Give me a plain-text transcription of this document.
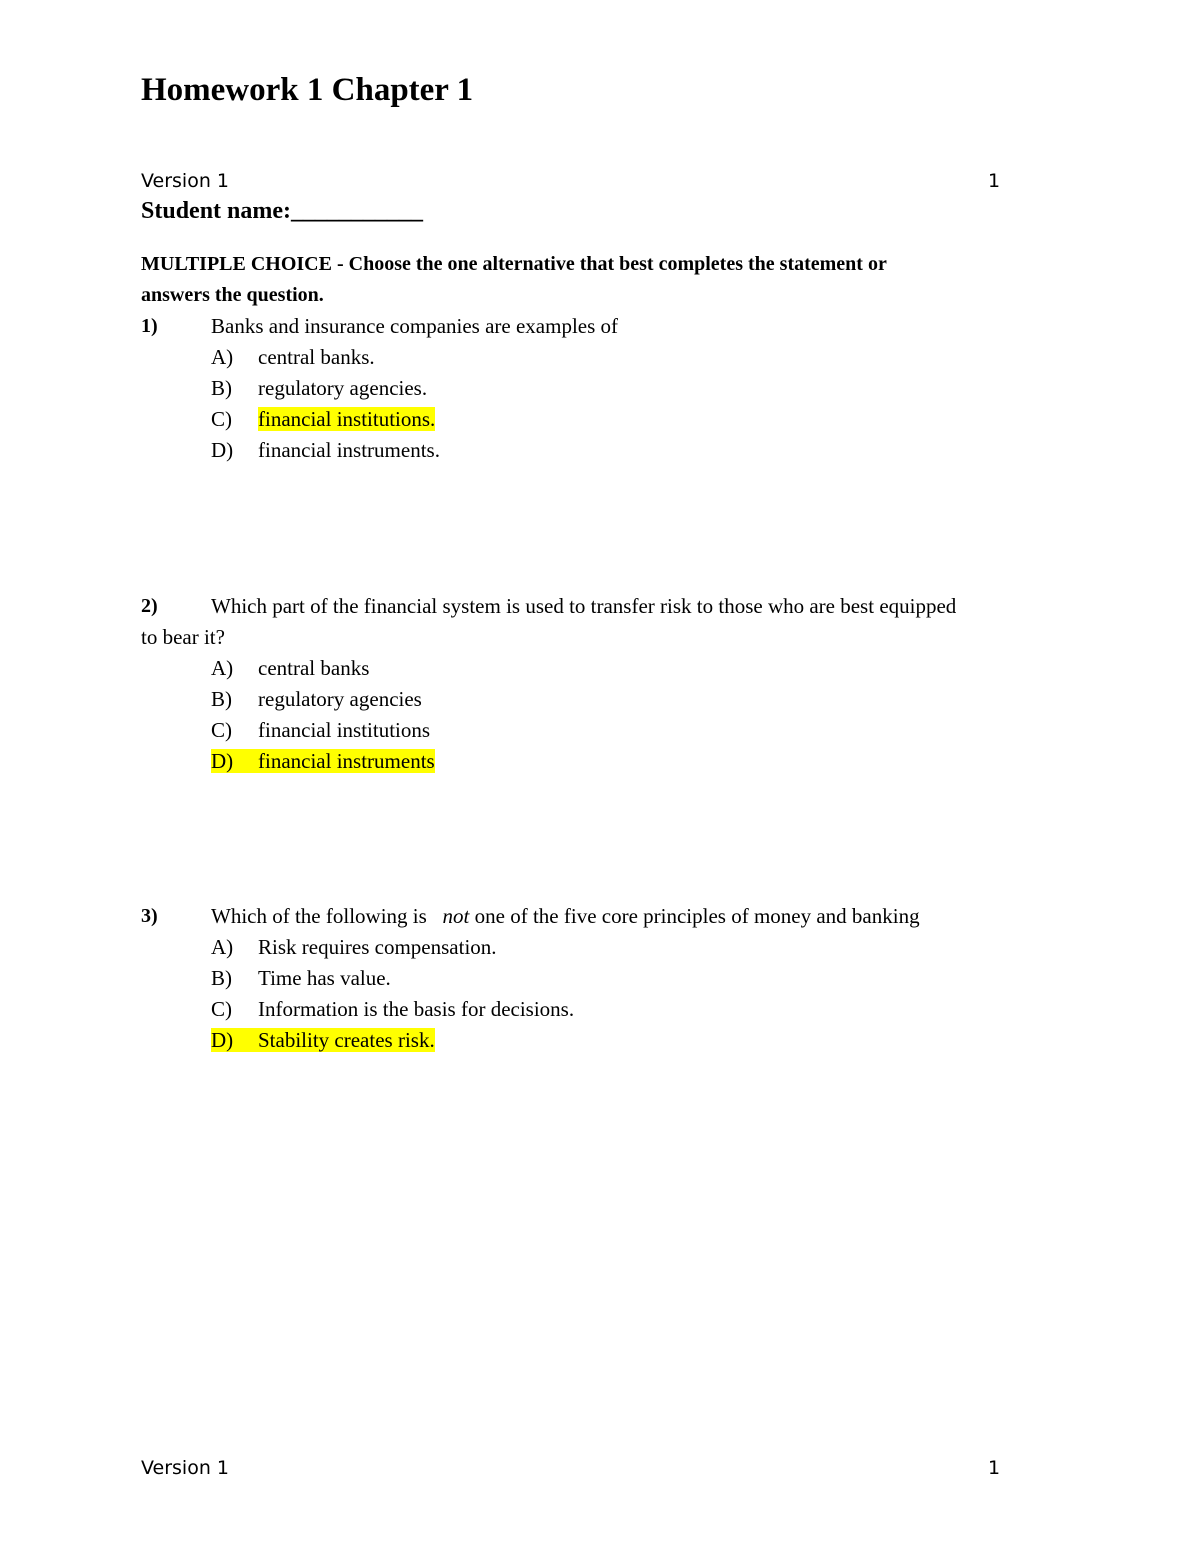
Homework 1 Chapter 1
Version 1	1
Student name:___________
MULTIPLE CHOICE - Choose the one alternative that best completes the statement or
answers the question.
1)	Banks and insurance companies are examples of
A) central banks.
B) regulatory agencies.
C) financial institutions.
D) financial instruments.
2)	Which part of the financial system is used to transfer risk to those who are best equipped
to bear it?
A) central banks
B) regulatory agencies
C) financial institutions
D) financial instruments
3)	Which of the following is not one of the five core principles of money and banking
A) Risk requires compensation.
B) Time has value.
C) Information is the basis for decisions.
D) Stability creates risk.
Version 1	1
